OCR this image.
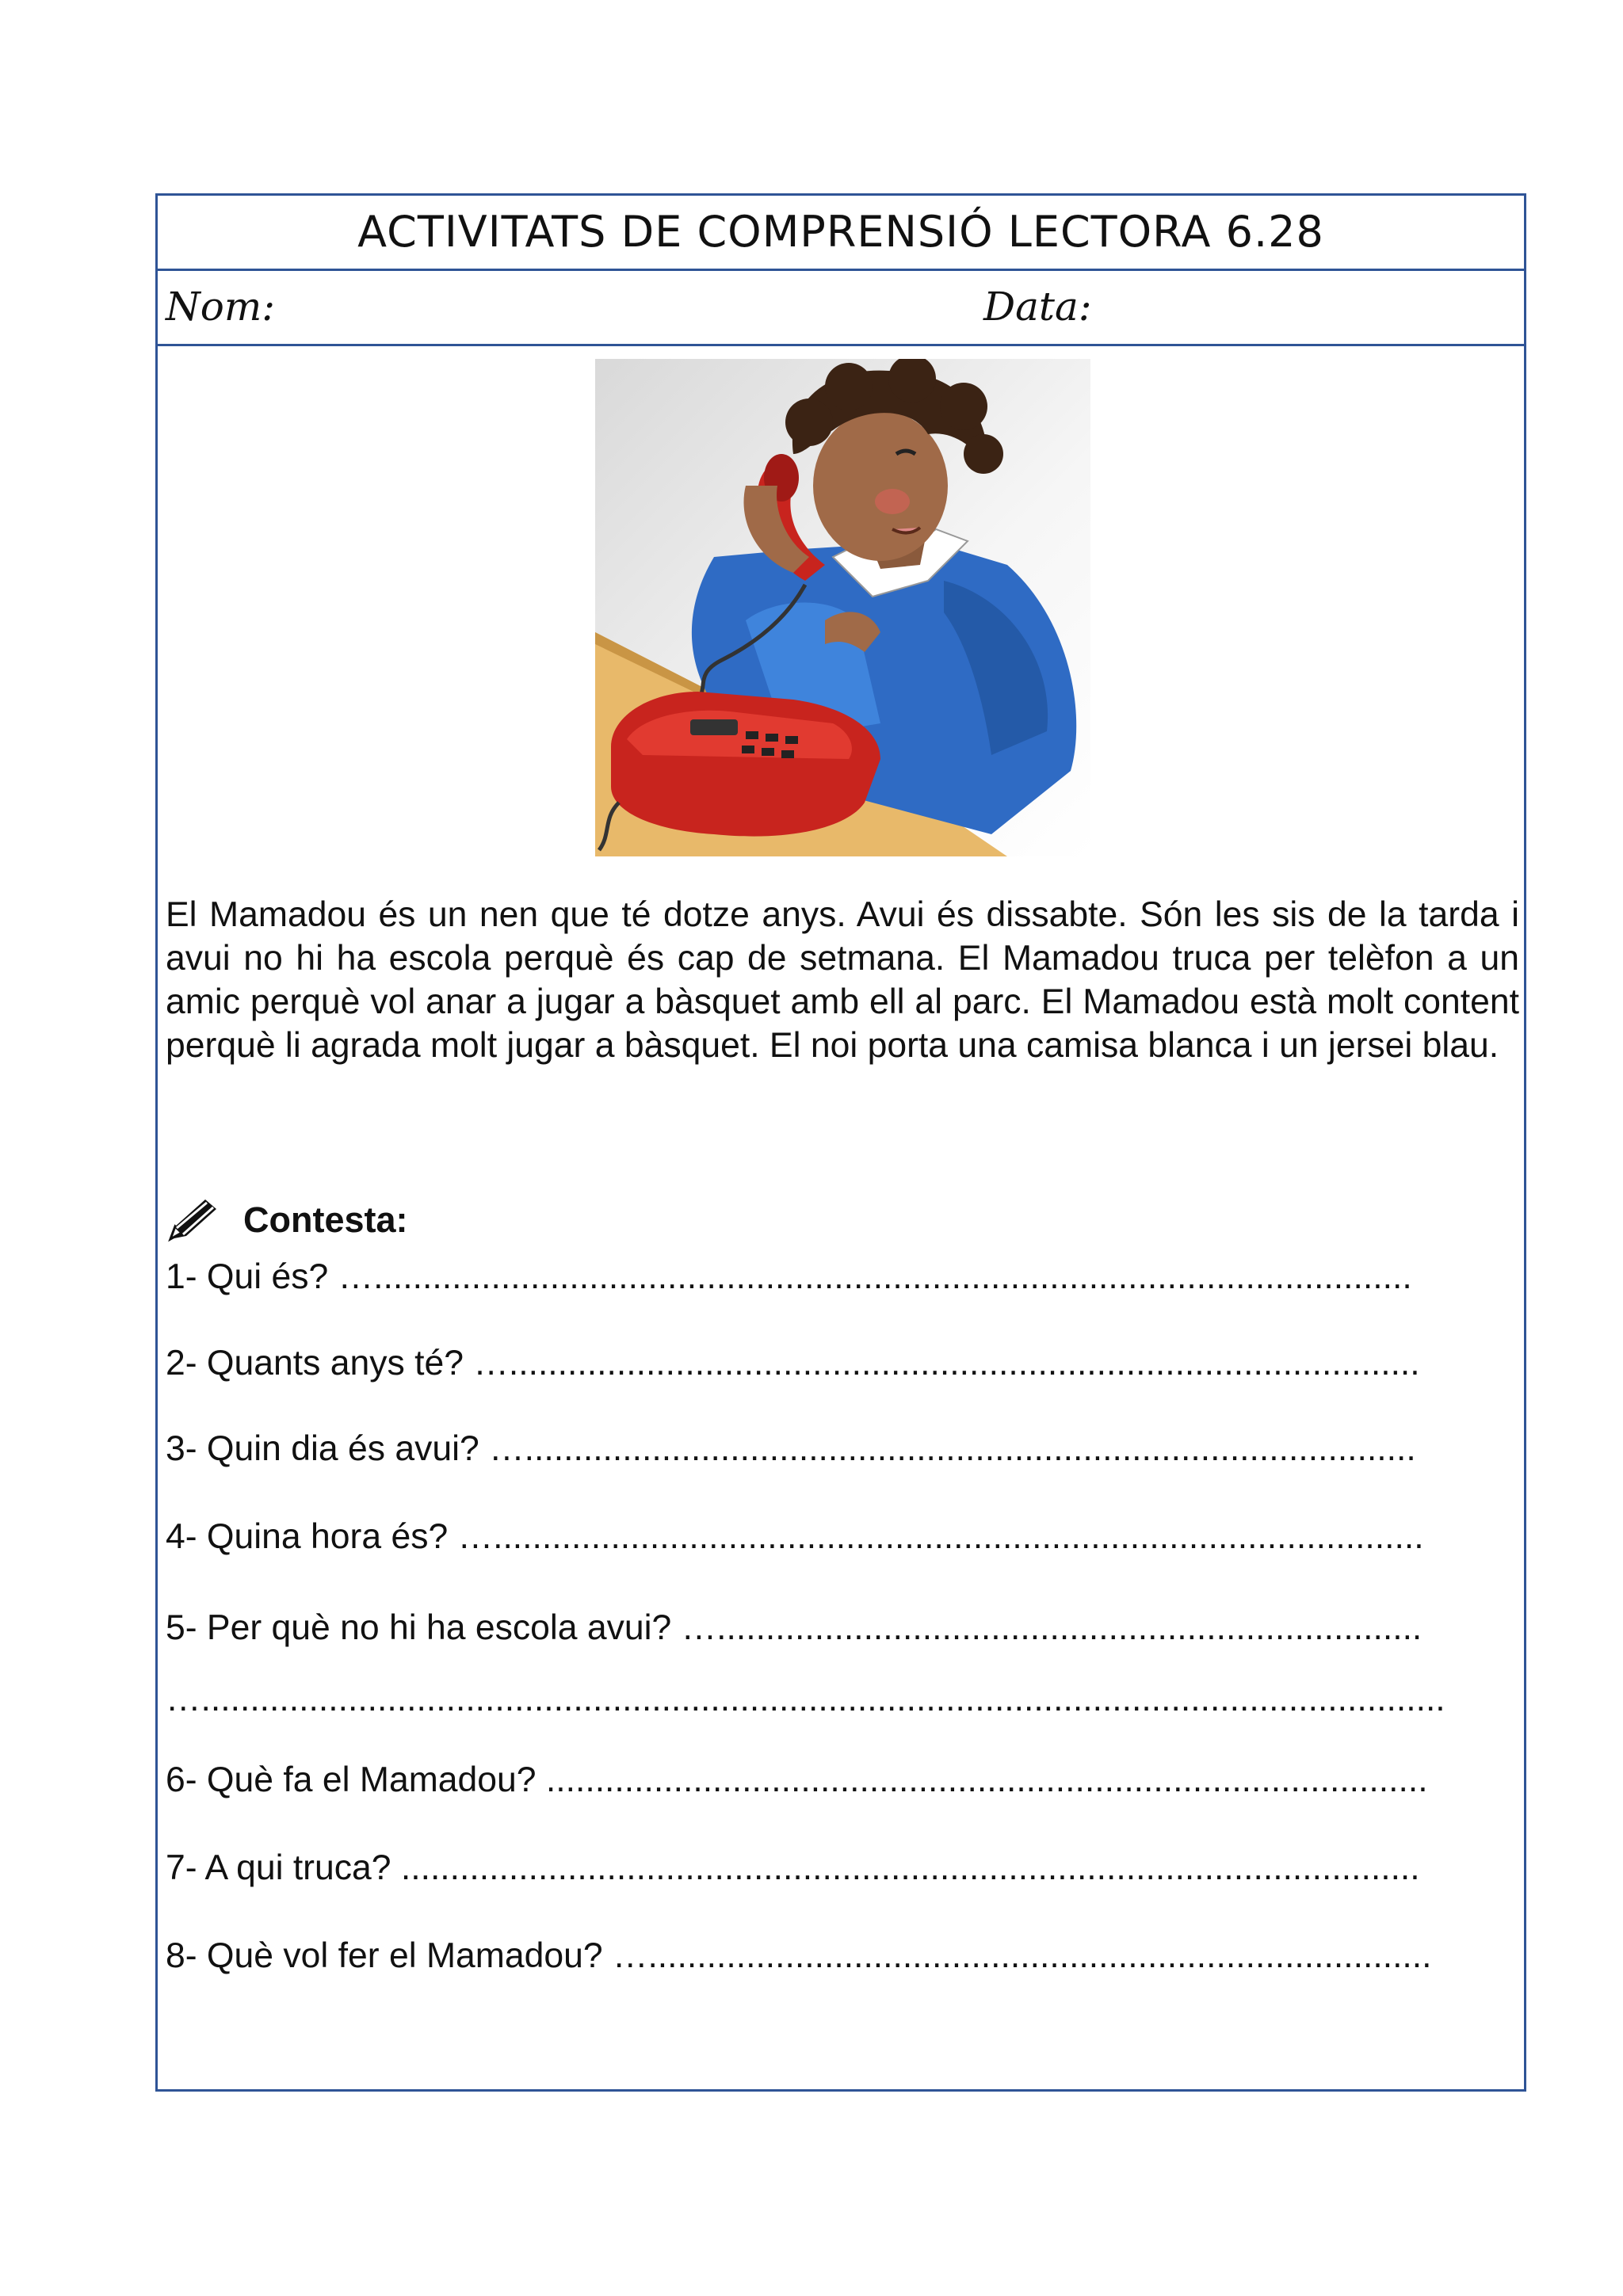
ACTIVITATS DE COMPRENSIÓ LECTORA 6.28
Nom:	Data:

El Mamadou és un nen que té dotze anys. Avui és dissabte. Són les sis de la tarda i avui no hi ha escola perquè és cap de setmana. El Mamadou truca per telèfon a un amic perquè vol anar a jugar a bàsquet amb ell al parc. El Mamadou està molt content perquè li agrada molt jugar a bàsquet. El noi porta una camisa blanca i un jersei blau.

Contesta:
1- Qui és? …..........................................................................................................
2- Quants anys té? ….............................................................................................
3- Quin dia és avui? …...........................................................................................
4- Quina hora és? …...............................................................................................
5- Per què no hi ha escola avui? …........................................................................
…...............................................................................................................................
6- Què fa el Mamadou? ..........................................................................................
7- A qui truca? ........................................................................................................
8- Què vol fer el Mamadou? …................................................................................
